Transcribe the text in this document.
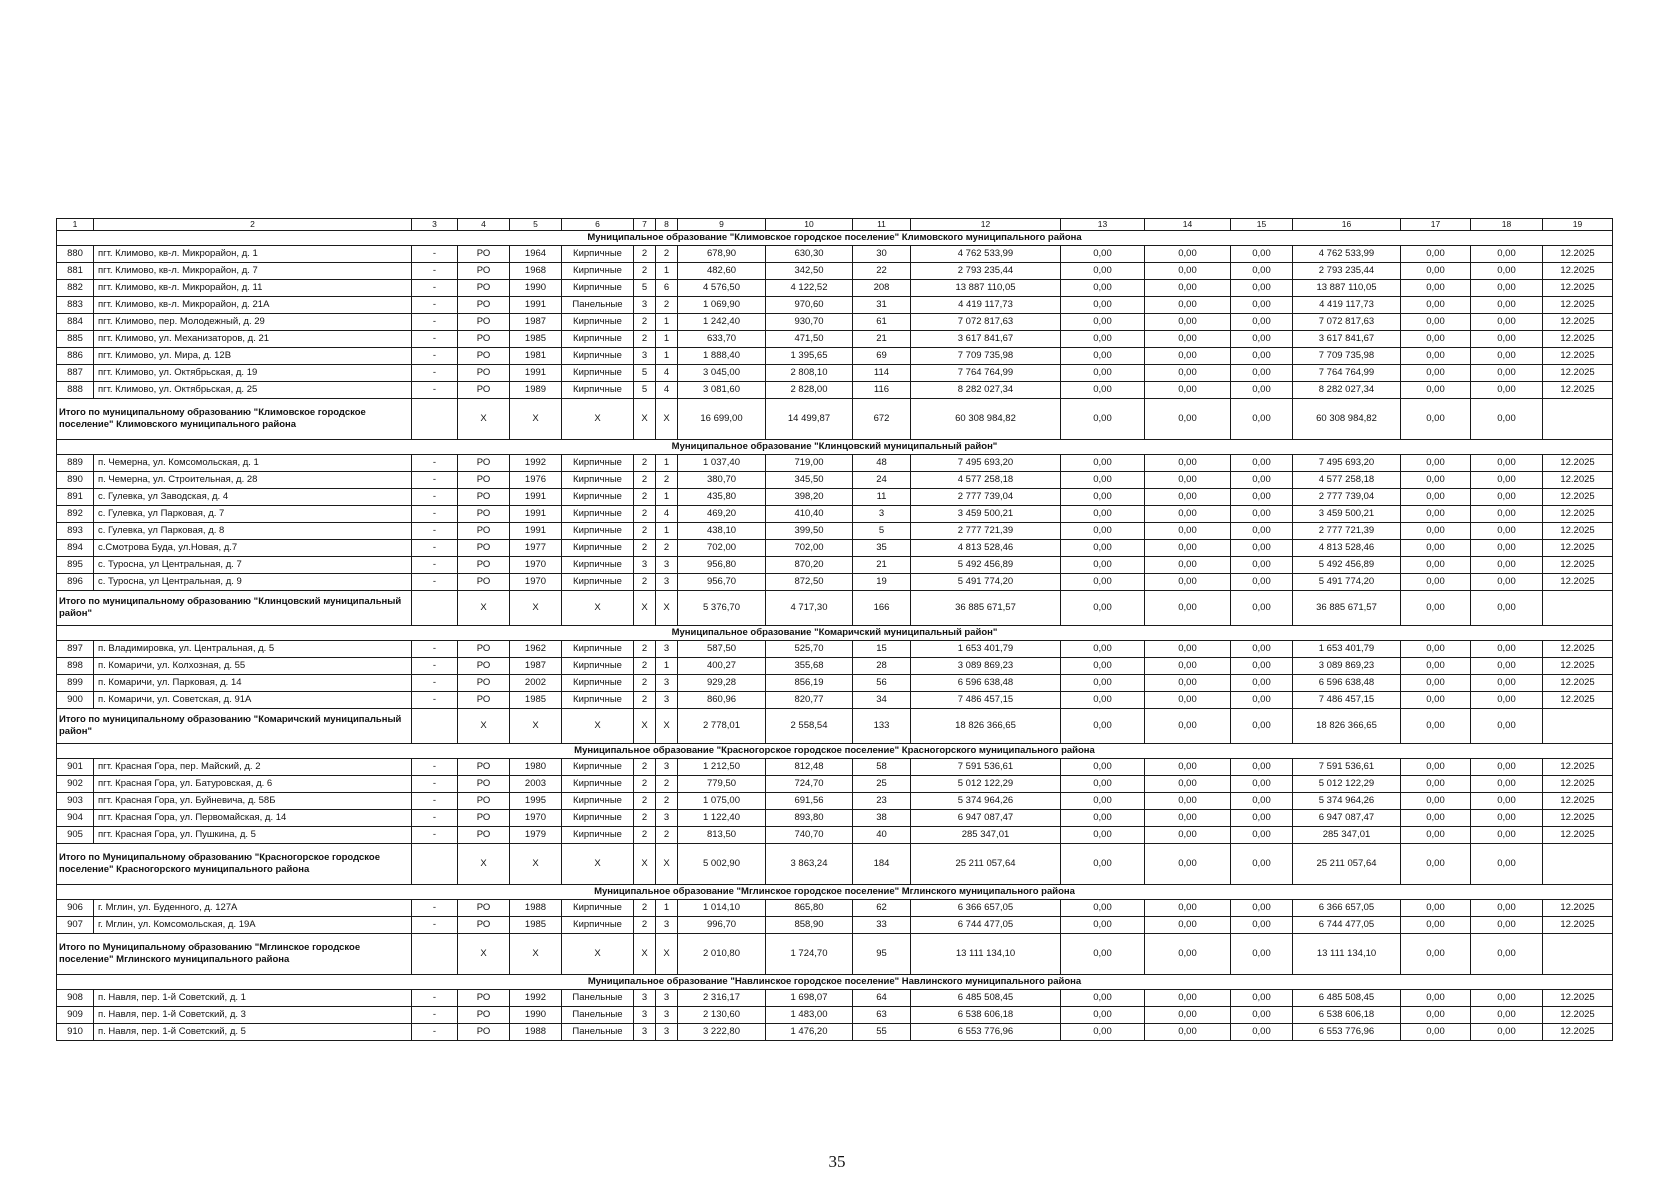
1	2	3	4	5	6	7	8	9	10	11	12	13	14	15	16	17	18	19
Муниципальное образование "Климовское городское поселение" Климовского муниципального района																		
880	пгт. Климово, кв-л. Микрорайон, д. 1	-	РО	1964	Кирпичные	2	2	678,90	630,30	30	4 762 533,99	0,00	0,00	0,00	4 762 533,99	0,00	0,00	12.2025
881	пгт. Климово, кв-л. Микрорайон, д. 7	-	РО	1968	Кирпичные	2	1	482,60	342,50	22	2 793 235,44	0,00	0,00	0,00	2 793 235,44	0,00	0,00	12.2025
882	пгт. Климово, кв-л. Микрорайон, д. 11	-	РО	1990	Кирпичные	5	6	4 576,50	4 122,52	208	13 887 110,05	0,00	0,00	0,00	13 887 110,05	0,00	0,00	12.2025
883	пгт. Климово, кв-л. Микрорайон, д. 21А	-	РО	1991	Панельные	3	2	1 069,90	970,60	31	4 419 117,73	0,00	0,00	0,00	4 419 117,73	0,00	0,00	12.2025
884	пгт. Климово, пер. Молодежный, д. 29	-	РО	1987	Кирпичные	2	1	1 242,40	930,70	61	7 072 817,63	0,00	0,00	0,00	7 072 817,63	0,00	0,00	12.2025
885	пгт. Климово, ул. Механизаторов, д. 21	-	РО	1985	Кирпичные	2	1	633,70	471,50	21	3 617 841,67	0,00	0,00	0,00	3 617 841,67	0,00	0,00	12.2025
886	пгт. Климово, ул. Мира, д. 12В	-	РО	1981	Кирпичные	3	1	1 888,40	1 395,65	69	7 709 735,98	0,00	0,00	0,00	7 709 735,98	0,00	0,00	12.2025
887	пгт. Климово, ул. Октябрьская, д. 19	-	РО	1991	Кирпичные	5	4	3 045,00	2 808,10	114	7 764 764,99	0,00	0,00	0,00	7 764 764,99	0,00	0,00	12.2025
888	пгт. Климово, ул. Октябрьская, д. 25	-	РО	1989	Кирпичные	5	4	3 081,60	2 828,00	116	8 282 027,34	0,00	0,00	0,00	8 282 027,34	0,00	0,00	12.2025
Итого по муниципальному образованию "Климовское городское поселение" Климовского муниципального района			X	X	X	X	X	16 699,00	14 499,87	672	60 308 984,82	0,00	0,00	0,00	60 308 984,82	0,00	0,00	
Муниципальное образование "Клинцовский муниципальный район"																		
889	п. Чемерна, ул. Комсомольская, д. 1	-	РО	1992	Кирпичные	2	1	1 037,40	719,00	48	7 495 693,20	0,00	0,00	0,00	7 495 693,20	0,00	0,00	12.2025
890	п. Чемерна, ул. Строительная, д. 28	-	РО	1976	Кирпичные	2	2	380,70	345,50	24	4 577 258,18	0,00	0,00	0,00	4 577 258,18	0,00	0,00	12.2025
891	с. Гулевка, ул Заводская, д. 4	-	РО	1991	Кирпичные	2	1	435,80	398,20	11	2 777 739,04	0,00	0,00	0,00	2 777 739,04	0,00	0,00	12.2025
892	с. Гулевка, ул Парковая, д. 7	-	РО	1991	Кирпичные	2	4	469,20	410,40	3	3 459 500,21	0,00	0,00	0,00	3 459 500,21	0,00	0,00	12.2025
893	с. Гулевка, ул Парковая, д. 8	-	РО	1991	Кирпичные	2	1	438,10	399,50	5	2 777 721,39	0,00	0,00	0,00	2 777 721,39	0,00	0,00	12.2025
894	с.Смотрова Буда, ул.Новая, д.7	-	РО	1977	Кирпичные	2	2	702,00	702,00	35	4 813 528,46	0,00	0,00	0,00	4 813 528,46	0,00	0,00	12.2025
895	с. Туросна, ул Центральная, д. 7	-	РО	1970	Кирпичные	3	3	956,80	870,20	21	5 492 456,89	0,00	0,00	0,00	5 492 456,89	0,00	0,00	12.2025
896	с. Туросна, ул Центральная, д. 9	-	РО	1970	Кирпичные	2	3	956,70	872,50	19	5 491 774,20	0,00	0,00	0,00	5 491 774,20	0,00	0,00	12.2025
Итого по муниципальному образованию "Клинцовский муниципальный район"			X	X	X	X	X	5 376,70	4 717,30	166	36 885 671,57	0,00	0,00	0,00	36 885 671,57	0,00	0,00	
Муниципальное образование "Комаричский муниципальный район"																		
897	п. Владимировка, ул. Центральная, д. 5	-	РО	1962	Кирпичные	2	3	587,50	525,70	15	1 653 401,79	0,00	0,00	0,00	1 653 401,79	0,00	0,00	12.2025
898	п. Комаричи, ул. Колхозная, д. 55	-	РО	1987	Кирпичные	2	1	400,27	355,68	28	3 089 869,23	0,00	0,00	0,00	3 089 869,23	0,00	0,00	12.2025
899	п. Комаричи, ул. Парковая, д. 14	-	РО	2002	Кирпичные	2	3	929,28	856,19	56	6 596 638,48	0,00	0,00	0,00	6 596 638,48	0,00	0,00	12.2025
900	п. Комаричи, ул. Советская, д. 91А	-	РО	1985	Кирпичные	2	3	860,96	820,77	34	7 486 457,15	0,00	0,00	0,00	7 486 457,15	0,00	0,00	12.2025
Итого по муниципальному образованию "Комаричский муниципальный район"			X	X	X	X	X	2 778,01	2 558,54	133	18 826 366,65	0,00	0,00	0,00	18 826 366,65	0,00	0,00	
Муниципальное образование "Красногорское городское поселение" Красногорского муниципального района																		
901	пгт. Красная Гора, пер. Майский, д. 2	-	РО	1980	Кирпичные	2	3	1 212,50	812,48	58	7 591 536,61	0,00	0,00	0,00	7 591 536,61	0,00	0,00	12.2025
902	пгт. Красная Гора, ул. Батуровская, д. 6	-	РО	2003	Кирпичные	2	2	779,50	724,70	25	5 012 122,29	0,00	0,00	0,00	5 012 122,29	0,00	0,00	12.2025
903	пгт. Красная Гора, ул. Буйневича, д. 58Б	-	РО	1995	Кирпичные	2	2	1 075,00	691,56	23	5 374 964,26	0,00	0,00	0,00	5 374 964,26	0,00	0,00	12.2025
904	пгт. Красная Гора, ул. Первомайская, д. 14	-	РО	1970	Кирпичные	2	3	1 122,40	893,80	38	6 947 087,47	0,00	0,00	0,00	6 947 087,47	0,00	0,00	12.2025
905	пгт. Красная Гора, ул. Пушкина, д. 5	-	РО	1979	Кирпичные	2	2	813,50	740,70	40	285 347,01	0,00	0,00	0,00	285 347,01	0,00	0,00	12.2025
Итого по Муниципальному образованию "Красногорское городское поселение" Красногорского муниципального района			X	X	X	X	X	5 002,90	3 863,24	184	25 211 057,64	0,00	0,00	0,00	25 211 057,64	0,00	0,00	
Муниципальное образование "Мглинское городское поселение" Мглинского муниципального района																		
906	г. Мглин, ул. Буденного, д. 127А	-	РО	1988	Кирпичные	2	1	1 014,10	865,80	62	6 366 657,05	0,00	0,00	0,00	6 366 657,05	0,00	0,00	12.2025
907	г. Мглин, ул. Комсомольская, д. 19А	-	РО	1985	Кирпичные	2	3	996,70	858,90	33	6 744 477,05	0,00	0,00	0,00	6 744 477,05	0,00	0,00	12.2025
Итого по Муниципальному образованию "Мглинское городское поселение" Мглинского муниципального района			X	X	X	X	X	2 010,80	1 724,70	95	13 111 134,10	0,00	0,00	0,00	13 111 134,10	0,00	0,00	
Муниципальное образование "Навлинское городское поселение" Навлинского муниципального района																		
908	п. Навля, пер. 1-й Советский, д. 1	-	РО	1992	Панельные	3	3	2 316,17	1 698,07	64	6 485 508,45	0,00	0,00	0,00	6 485 508,45	0,00	0,00	12.2025
909	п. Навля, пер. 1-й Советский, д. 3	-	РО	1990	Панельные	3	3	2 130,60	1 483,00	63	6 538 606,18	0,00	0,00	0,00	6 538 606,18	0,00	0,00	12.2025
910	п. Навля, пер. 1-й Советский, д. 5	-	РО	1988	Панельные	3	3	3 222,80	1 476,20	55	6 553 776,96	0,00	0,00	0,00	6 553 776,96	0,00	0,00	12.2025
35
